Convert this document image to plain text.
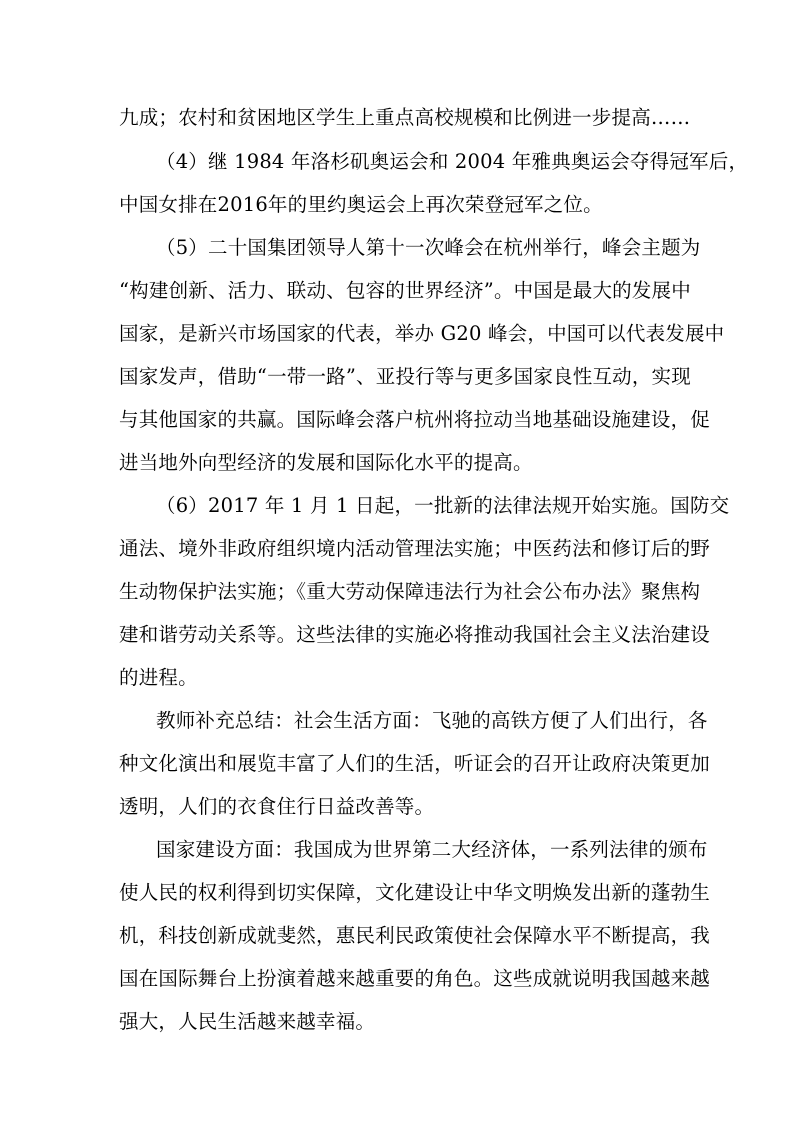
九成；农村和贫困地区学生上重点高校规模和比例进一步提高……
（4）继 1984 年洛杉矶奥运会和 2004 年雅典奥运会夺得冠军后，
中国女排在2016年的里约奥运会上再次荣登冠军之位。
（5）二十国集团领导人第十一次峰会在杭州举行，峰会主题为
“构建创新、活力、联动、包容的世界经济”。中国是最大的发展中
国家，是新兴市场国家的代表，举办 G20 峰会，中国可以代表发展中
国家发声，借助“一带一路”、亚投行等与更多国家良性互动，实现
与其他国家的共赢。国际峰会落户杭州将拉动当地基础设施建设，促
进当地外向型经济的发展和国际化水平的提高。
（6）2017 年 1 月 1 日起，一批新的法律法规开始实施。国防交
通法、境外非政府组织境内活动管理法实施；中医药法和修订后的野
生动物保护法实施；《重大劳动保障违法行为社会公布办法》聚焦构
建和谐劳动关系等。这些法律的实施必将推动我国社会主义法治建设
的进程。
教师补充总结：社会生活方面：飞驰的高铁方便了人们出行，各
种文化演出和展览丰富了人们的生活，听证会的召开让政府决策更加
透明，人们的衣食住行日益改善等。
国家建设方面：我国成为世界第二大经济体，一系列法律的颁布
使人民的权利得到切实保障，文化建设让中华文明焕发出新的蓬勃生
机，科技创新成就斐然，惠民利民政策使社会保障水平不断提高，我
国在国际舞台上扮演着越来越重要的角色。这些成就说明我国越来越
强大，人民生活越来越幸福。
